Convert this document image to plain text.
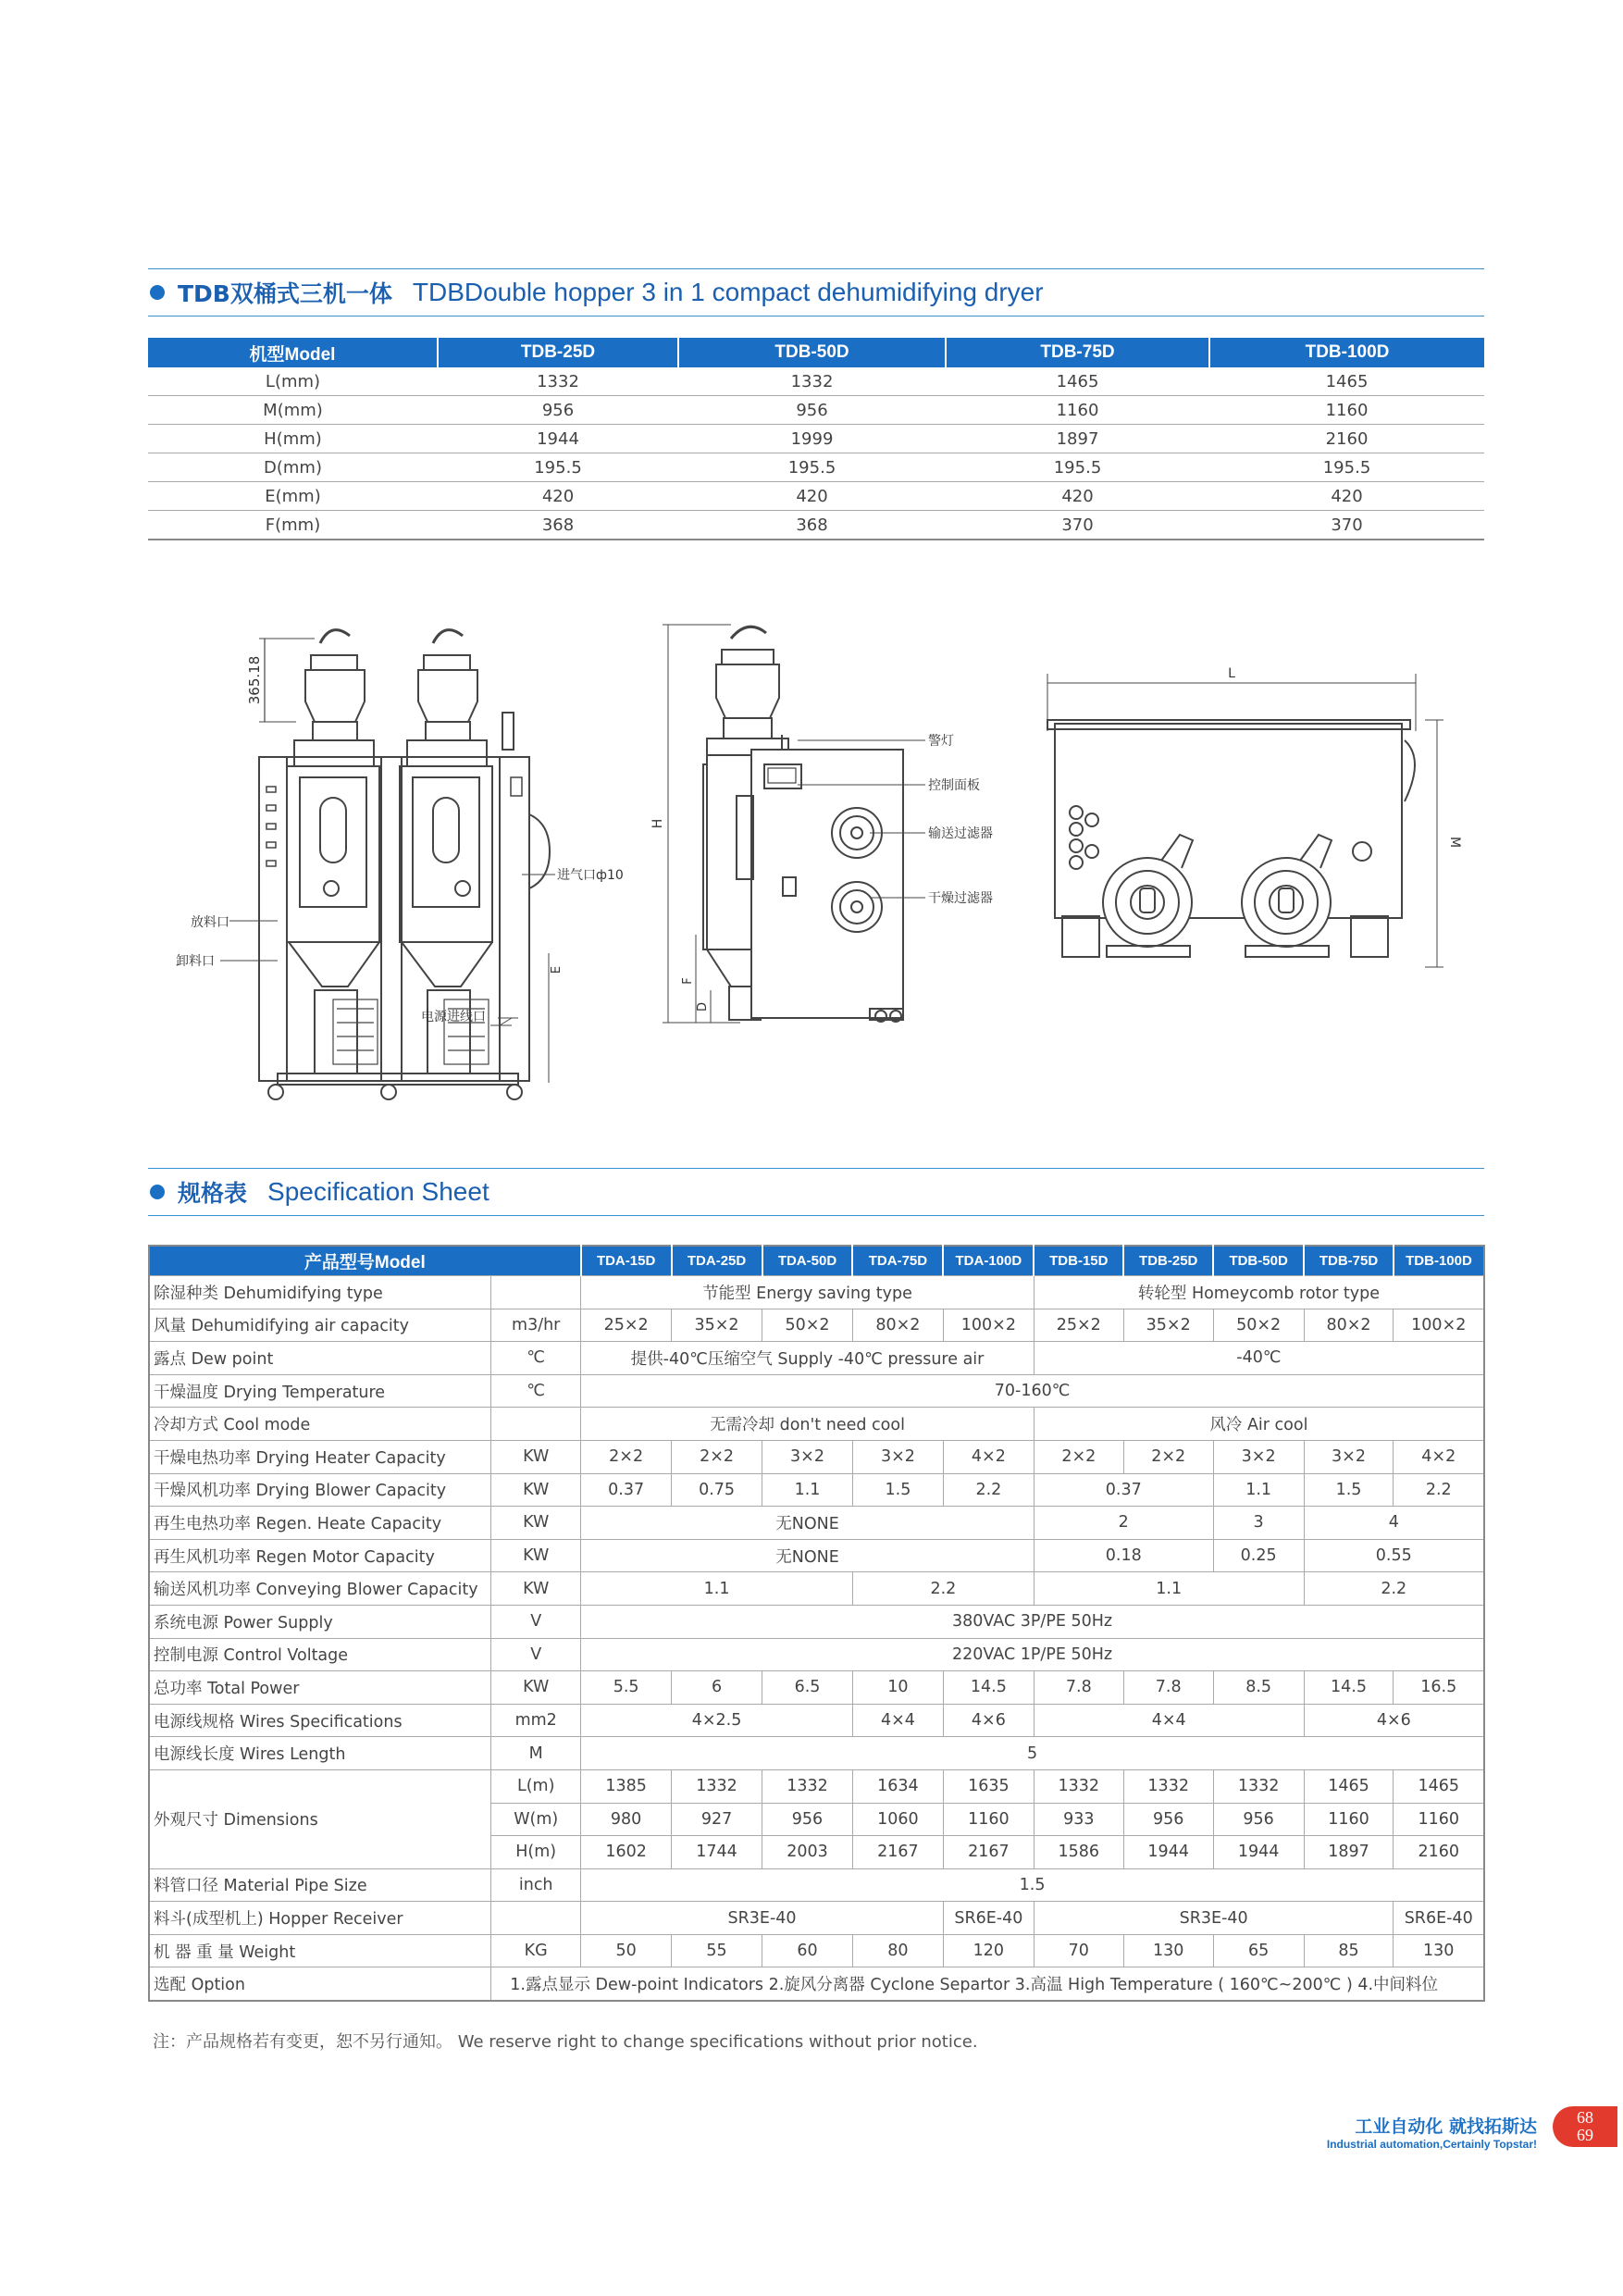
TDB双桶式三机一体 TDBDouble hopper 3 in 1 compact dehumidifying dryer
机型Model	TDB-25D	TDB-50D	TDB-75D	TDB-100D
L(mm)	1332	1332	1465	1465
M(mm)	956	956	1160	1160
H(mm)	1944	1999	1897	2160
D(mm)	195.5	195.5	195.5	195.5
E(mm)	420	420	420	420
F(mm)	368	368	370	370
365.18
E
放料口
卸料口
进气口ф10
电源进线口
H
F
D
警灯
控制面板
输送过滤器
干燥过滤器
L
M
规格表 Specification Sheet
产品型号Model		TDA-15D	TDA-25D	TDA-50D	TDA-75D	TDA-100D	TDB-15D	TDB-25D	TDB-50D	TDB-75D	TDB-100D
除湿种类 Dehumidifying type		节能型 Energy saving type					转轮型 Homeycomb rotor type				
风量 Dehumidifying air capacity	m3/hr	25×2	35×2	50×2	80×2	100×2	25×2	35×2	50×2	80×2	100×2
露点 Dew point	℃	提供-40℃压缩空气 Supply -40℃ pressure air					-40℃				
干燥温度 Drying Temperature	℃	70-160℃									
冷却方式 Cool mode		无需冷却 don't need cool					风冷 Air cool				
干燥电热功率 Drying Heater Capacity	KW	2×2	2×2	3×2	3×2	4×2	2×2	2×2	3×2	3×2	4×2
干燥风机功率 Drying Blower Capacity	KW	0.37	0.75	1.1	1.5	2.2	0.37		1.1	1.5	2.2
再生电热功率 Regen. Heate Capacity	KW	无NONE					2		3	4	
再生风机功率 Regen Motor Capacity	KW	无NONE					0.18		0.25	0.55	
输送风机功率 Conveying Blower Capacity	KW	1.1			2.2		1.1			2.2	
系统电源 Power Supply	V	380VAC 3P/PE 50Hz									
控制电源 Control Voltage	V	220VAC 1P/PE 50Hz									
总功率 Total Power	KW	5.5	6	6.5	10	14.5	7.8	7.8	8.5	14.5	16.5
电源线规格 Wires Specifications	mm2	4×2.5			4×4	4×6	4×4			4×6	
电源线长度 Wires Length	M	5									
外观尺寸 Dimensions	L(m)	1385	1332	1332	1634	1635	1332	1332	1332	1465	1465
	W(m)	980	927	956	1060	1160	933	956	956	1160	1160
	H(m)	1602	1744	2003	2167	2167	1586	1944	1944	1897	2160
料管口径 Material Pipe Size	inch	1.5									
料斗(成型机上) Hopper Receiver		SR3E-40				SR6E-40	SR3E-40				SR6E-40
机 器 重 量 Weight	KG	50	55	60	80	120	70	130	65	85	130
选配 Option	1.露点显示 Dew-point Indicators 2.旋风分离器 Cyclone Separtor 3.高温 High Temperature ( 160℃~200℃ ) 4.中间料位										
注：产品规格若有变更，恕不另行通知。 We reserve right to change specifications without prior notice.
工业自动化 就找拓斯达
Industrial automation,Certainly Topstar!
68
69
